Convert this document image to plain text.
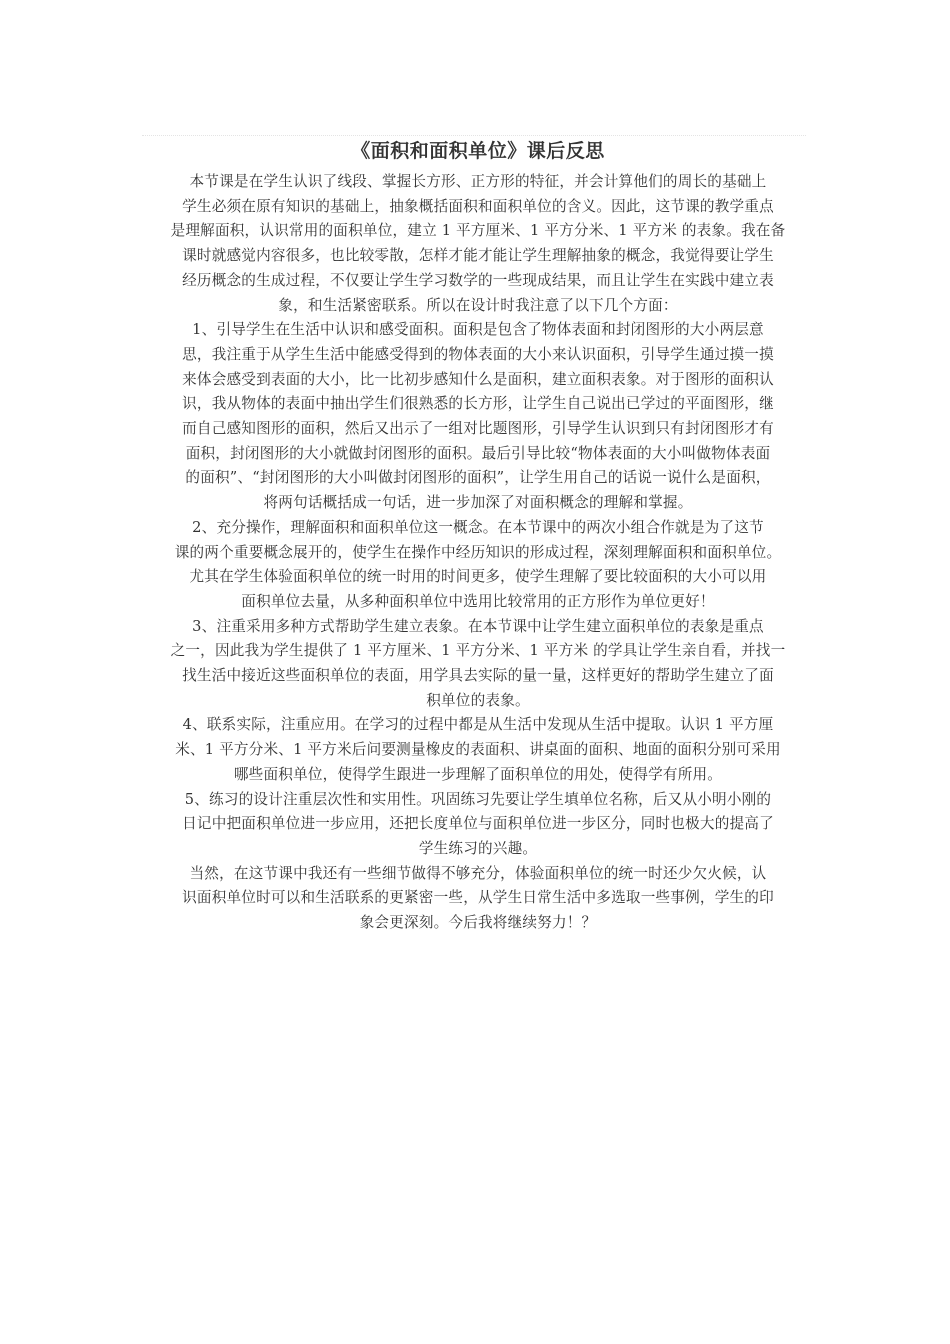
《面积和面积单位》课后反思

本节课是在学生认识了线段、掌握长方形、正方形的特征，并会计算他们的周长的基础上
学生必须在原有知识的基础上，抽象概括面积和面积单位的含义。因此，这节课的教学重点
是理解面积，认识常用的面积单位，建立 1 平方厘米、1 平方分米、1 平方米 的表象。我在备
课时就感觉内容很多，也比较零散，怎样才能才能让学生理解抽象的概念，我觉得要让学生
经历概念的生成过程，不仅要让学生学习数学的一些现成结果，而且让学生在实践中建立表
象，和生活紧密联系。所以在设计时我注意了以下几个方面：

1、引导学生在生活中认识和感受面积。面积是包含了物体表面和封闭图形的大小两层意
思，我注重于从学生生活中能感受得到的物体表面的大小来认识面积，引导学生通过摸一摸
来体会感受到表面的大小，比一比初步感知什么是面积，建立面积表象。对于图形的面积认
识，我从物体的表面中抽出学生们很熟悉的长方形，让学生自己说出已学过的平面图形，继
而自己感知图形的面积，然后又出示了一组对比题图形，引导学生认识到只有封闭图形才有
面积，封闭图形的大小就做封闭图形的面积。最后引导比较“物体表面的大小叫做物体表面
的面积”、“封闭图形的大小叫做封闭图形的面积”，让学生用自己的话说一说什么是面积，
将两句话概括成一句话，进一步加深了对面积概念的理解和掌握。

2、充分操作，理解面积和面积单位这一概念。在本节课中的两次小组合作就是为了这节
课的两个重要概念展开的，使学生在操作中经历知识的形成过程，深刻理解面积和面积单位。
尤其在学生体验面积单位的统一时用的时间更多，使学生理解了要比较面积的大小可以用
面积单位去量，从多种面积单位中选用比较常用的正方形作为单位更好！

3、注重采用多种方式帮助学生建立表象。在本节课中让学生建立面积单位的表象是重点
之一，因此我为学生提供了 1 平方厘米、1 平方分米、1 平方米 的学具让学生亲自看，并找一
找生活中接近这些面积单位的表面，用学具去实际的量一量，这样更好的帮助学生建立了面
积单位的表象。

4、联系实际，注重应用。在学习的过程中都是从生活中发现从生活中提取。认识 1 平方厘
米、1 平方分米、1 平方米后问要测量橡皮的表面积、讲桌面的面积、地面的面积分别可采用
哪些面积单位，使得学生跟进一步理解了面积单位的用处，使得学有所用。

5、练习的设计注重层次性和实用性。巩固练习先要让学生填单位名称，后又从小明小刚的
日记中把面积单位进一步应用，还把长度单位与面积单位进一步区分，同时也极大的提高了
学生练习的兴趣。

当然，在这节课中我还有一些细节做得不够充分，体验面积单位的统一时还少欠火候，认
识面积单位时可以和生活联系的更紧密一些，从学生日常生活中多选取一些事例，学生的印
象会更深刻。今后我将继续努力！？
